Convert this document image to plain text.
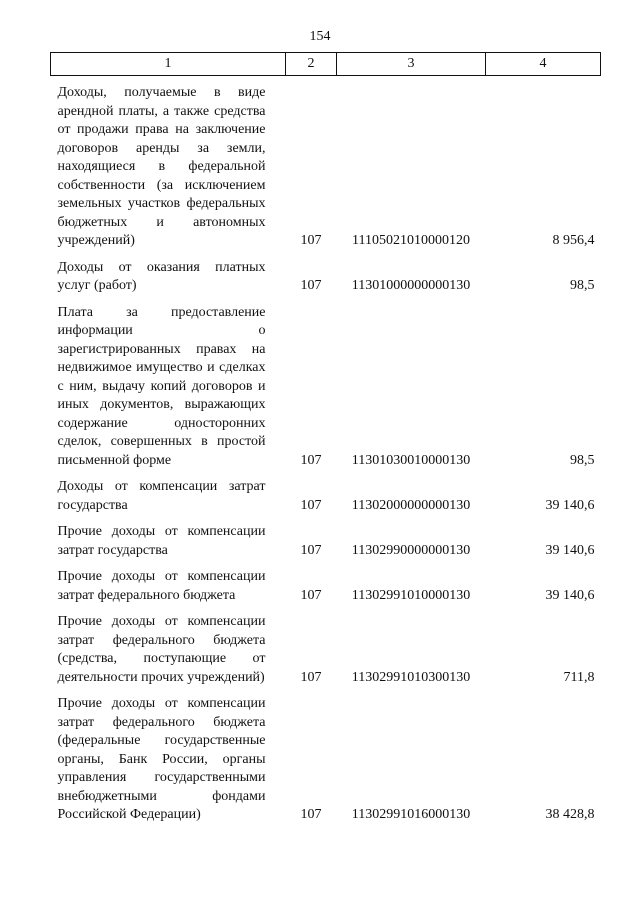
154
1	2	3	4
Доходы, получаемые в виде арендной платы, а также средства от продажи права на заключение договоров аренды за земли, находящиеся в федеральной собственности (за исключением земельных участков федеральных бюджетных и автономных учреждений)	107	11105021010000120	8 956,4
Доходы от оказания платных услуг (работ)	107	11301000000000130	98,5
Плата за предоставление информации о зарегистрированных правах на недвижимое имущество и сделках с ним, выдачу копий договоров и иных документов, выражающих содержание односторонних сделок, совершенных в простой письменной форме	107	11301030010000130	98,5
Доходы от компенсации затрат государства	107	11302000000000130	39 140,6
Прочие доходы от компенсации затрат государства	107	11302990000000130	39 140,6
Прочие доходы от компенсации затрат федерального бюджета	107	11302991010000130	39 140,6
Прочие доходы от компенсации затрат федерального бюджета (средства, поступающие от деятельности прочих учреждений)	107	11302991010300130	711,8
Прочие доходы от компенсации затрат федерального бюджета (федеральные государственные органы, Банк России, органы управления государственными внебюджетными фондами Российской Федерации)	107	11302991016000130	38 428,8
